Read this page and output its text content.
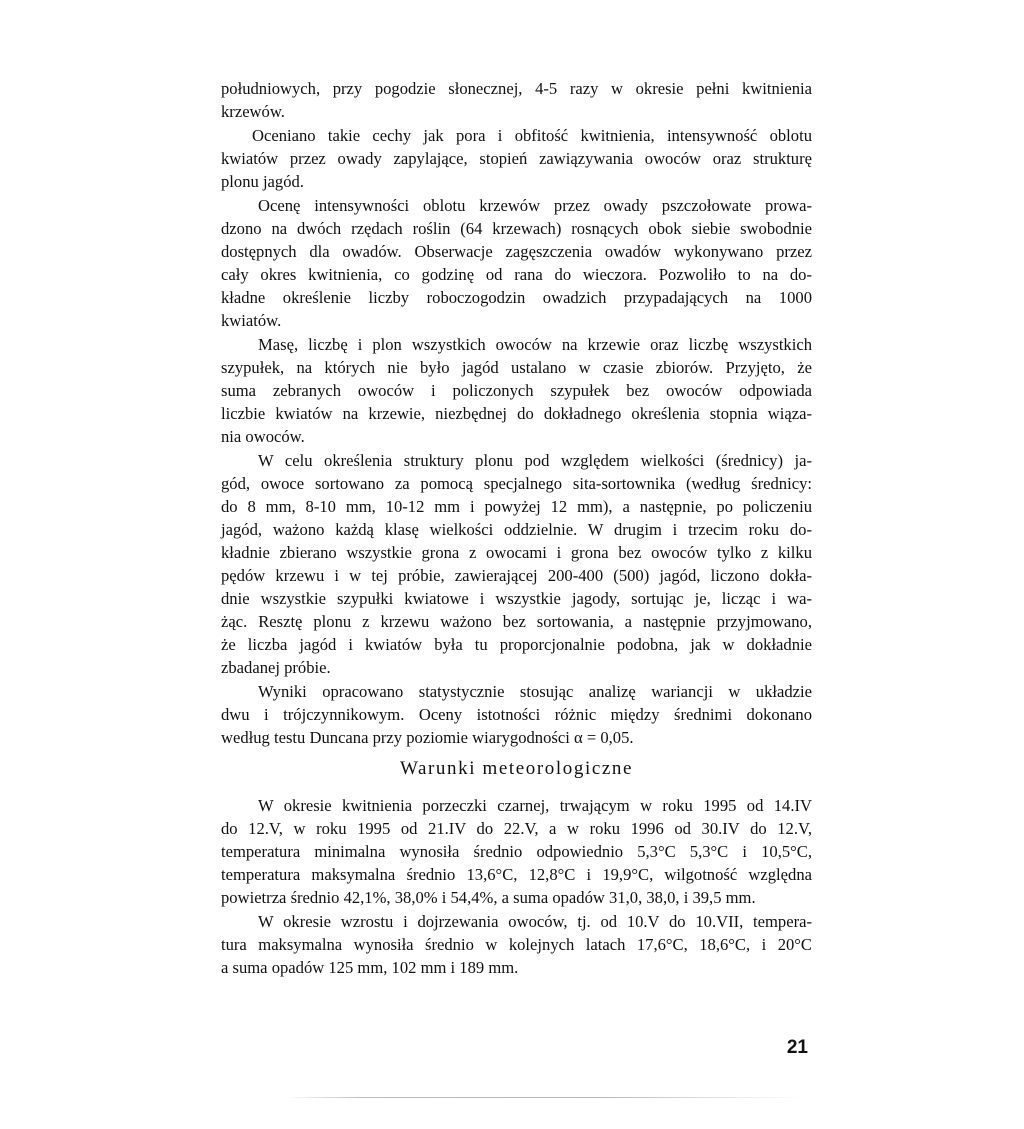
południowych, przy pogodzie słonecznej, 4-5 razy w okresie pełni kwitnienia
krzewów.
Oceniano takie cechy jak pora i obfitość kwitnienia, intensywność oblotu
kwiatów przez owady zapylające, stopień zawiązywania owoców oraz strukturę
plonu jagód.
Ocenę intensywności oblotu krzewów przez owady pszczołowate prowa-
dzono na dwóch rzędach roślin (64 krzewach) rosnących obok siebie swobodnie
dostępnych dla owadów. Obserwacje zagęszczenia owadów wykonywano przez
cały okres kwitnienia, co godzinę od rana do wieczora. Pozwoliło to na do-
kładne określenie liczby roboczogodzin owadzich przypadających na 1000
kwiatów.
Masę, liczbę i plon wszystkich owoców na krzewie oraz liczbę wszystkich
szypułek, na których nie było jagód ustalano w czasie zbiorów. Przyjęto, że
suma zebranych owoców i policzonych szypułek bez owoców odpowiada
liczbie kwiatów na krzewie, niezbędnej do dokładnego określenia stopnia wiąza-
nia owoców.
W celu określenia struktury plonu pod względem wielkości (średnicy) ja-
gód, owoce sortowano za pomocą specjalnego sita-sortownika (według średnicy:
do 8 mm, 8-10 mm, 10-12 mm i powyżej 12 mm), a następnie, po policzeniu
jagód, ważono każdą klasę wielkości oddzielnie. W drugim i trzecim roku do-
kładnie zbierano wszystkie grona z owocami i grona bez owoców tylko z kilku
pędów krzewu i w tej próbie, zawierającej 200-400 (500) jagód, liczono dokła-
dnie wszystkie szypułki kwiatowe i wszystkie jagody, sortując je, licząc i wa-
żąc. Resztę plonu z krzewu ważono bez sortowania, a następnie przyjmowano,
że liczba jagód i kwiatów była tu proporcjonalnie podobna, jak w dokładnie
zbadanej próbie.
Wyniki opracowano statystycznie stosując analizę wariancji w układzie
dwu i trójczynnikowym. Oceny istotności różnic między średnimi dokonano
według testu Duncana przy poziomie wiarygodności α = 0,05.
Warunki meteorologiczne
W okresie kwitnienia porzeczki czarnej, trwającym w roku 1995 od 14.IV
do 12.V, w roku 1995 od 21.IV do 22.V, a w roku 1996 od 30.IV do 12.V,
temperatura minimalna wynosiła średnio odpowiednio 5,3°C 5,3°C i 10,5°C,
temperatura maksymalna średnio 13,6°C, 12,8°C i 19,9°C, wilgotność względna
powietrza średnio 42,1%, 38,0% i 54,4%, a suma opadów 31,0, 38,0, i 39,5 mm.
W okresie wzrostu i dojrzewania owoców, tj. od 10.V do 10.VII, tempera-
tura maksymalna wynosiła średnio w kolejnych latach 17,6°C, 18,6°C, i 20°C
a suma opadów 125 mm, 102 mm i 189 mm.
21
